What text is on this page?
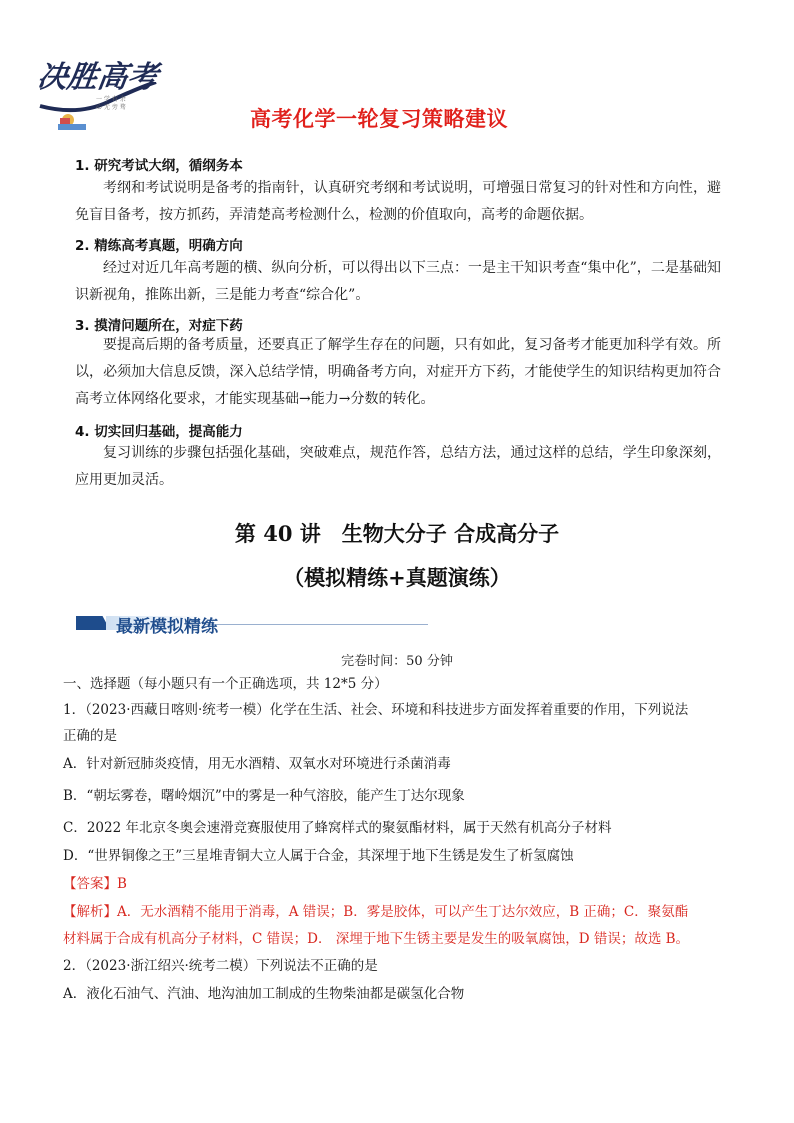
决胜高考
一 学 有 余
心 无 旁 骛	高考化学一轮复习策略建议
1. 研究考试大纲，循纲务本
考纲和考试说明是备考的指南针，认真研究考纲和考试说明，可增强日常复习的针对性和方向性，避免盲目备考，按方抓药，弄清楚高考检测什么，检测的价值取向，高考的命题依据。
2. 精练高考真题，明确方向
经过对近几年高考题的横、纵向分析，可以得出以下三点：一是主干知识考查“集中化”，二是基础知识新视角，推陈出新，三是能力考查“综合化”。
3. 摸清问题所在，对症下药
要提高后期的备考质量，还要真正了解学生存在的问题，只有如此，复习备考才能更加科学有效。所以，必须加大信息反馈，深入总结学情，明确备考方向，对症开方下药，才能使学生的知识结构更加符合高考立体网络化要求，才能实现基础→能力→分数的转化。
4. 切实回归基础，提高能力
复习训练的步骤包括强化基础，突破难点，规范作答，总结方法，通过这样的总结，学生印象深刻，应用更加灵活。
第 40 讲　生物大分子 合成高分子
（模拟精练+真题演练）
最新模拟精练
完卷时间：50 分钟
一、选择题（每小题只有一个正确选项，共 12*5 分）
1．（2023·西藏日喀则·统考一模）化学在生活、社会、环境和科技进步方面发挥着重要的作用，下列说法
正确的是
A．针对新冠肺炎疫情，用无水酒精、双氧水对环境进行杀菌消毒
B．“朝坛雾卷，曙岭烟沉”中的雾是一种气溶胶，能产生丁达尔现象
C．2022 年北京冬奥会速滑竞赛服使用了蜂窝样式的聚氨酯材料，属于天然有机高分子材料
D．“世界铜像之王”三星堆青铜大立人属于合金，其深埋于地下生锈是发生了析氢腐蚀
【答案】B
【解析】A．无水酒精不能用于消毒，A 错误；B．雾是胶体，可以产生丁达尔效应，B 正确；C．聚氨酯
材料属于合成有机高分子材料，C 错误；D． 深埋于地下生锈主要是发生的吸氧腐蚀，D 错误；故选 B。
2．（2023·浙江绍兴·统考二模）下列说法不正确的是
A．液化石油气、汽油、地沟油加工制成的生物柴油都是碳氢化合物
